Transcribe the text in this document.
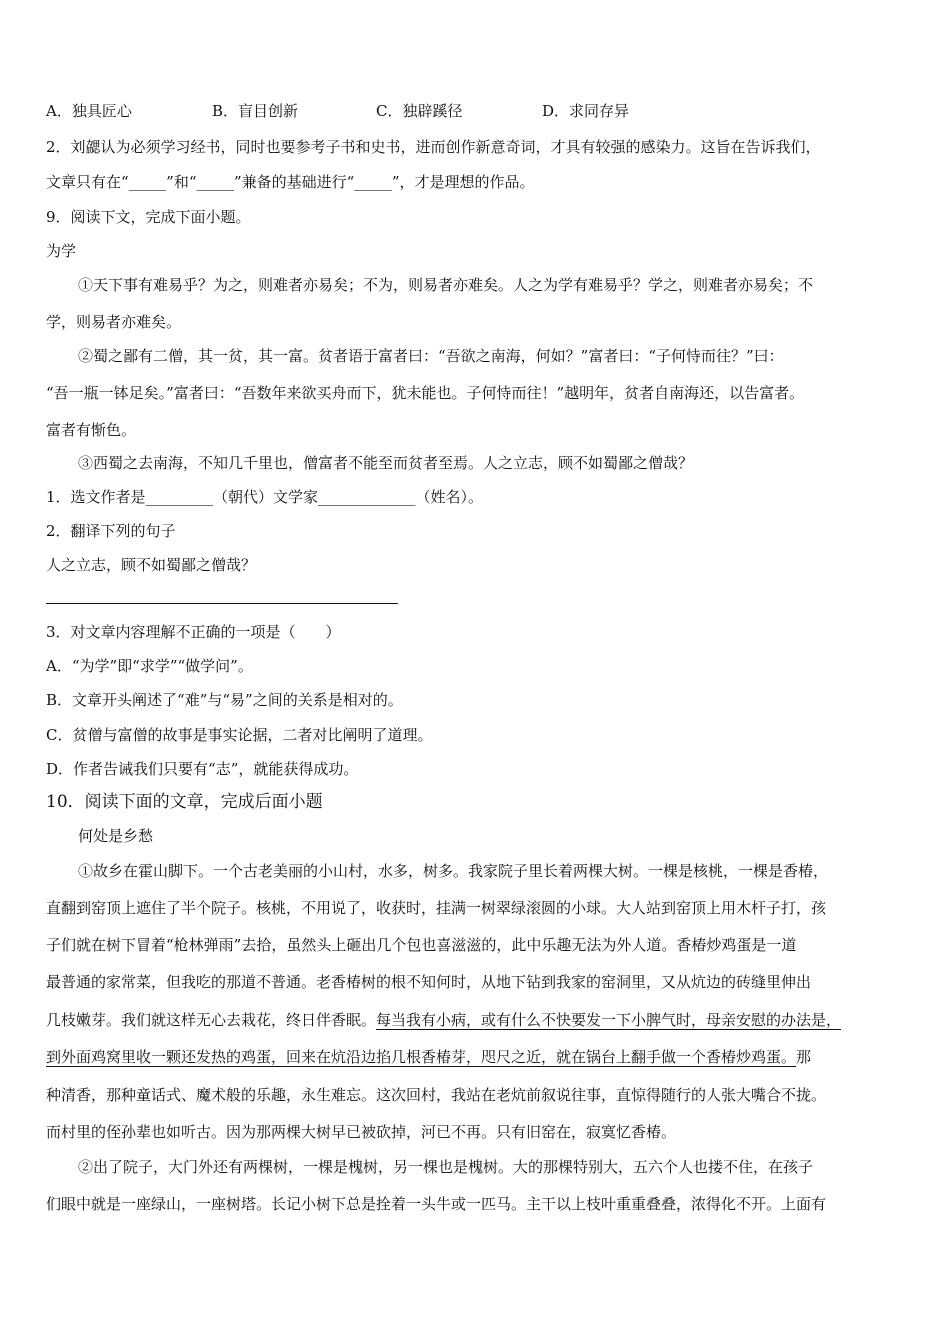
A．独具匠心	B．盲目创新	C．独辟蹊径	D．求同存异
2．刘勰认为必须学习经书，同时也要参考子书和史书，进而创作新意奇词，才具有较强的感染力。这旨在告诉我们，
文章只有在“_____”和“_____”兼备的基础进行“_____”，才是理想的作品。
9．阅读下文，完成下面小题。
为学
①天下事有难易乎？为之，则难者亦易矣；不为，则易者亦难矣。人之为学有难易乎？学之，则难者亦易矣；不
学，则易者亦难矣。
②蜀之鄙有二僧，其一贫，其一富。贫者语于富者曰：“吾欲之南海，何如？”富者曰：“子何恃而往？”曰：
“吾一瓶一钵足矣。”富者曰：“吾数年来欲买舟而下，犹未能也。子何恃而往！”越明年，贫者自南海还，以告富者。
富者有惭色。
③西蜀之去南海，不知几千里也，僧富者不能至而贫者至焉。人之立志，顾不如蜀鄙之僧哉？
1．选文作者是_________（朝代）文学家_____________（姓名）。
2．翻译下列的句子
人之立志，顾不如蜀鄙之僧哉？
3．对文章内容理解不正确的一项是（　　）
A．“为学”即“求学”“做学问”。
B．文章开头阐述了“难”与“易”之间的关系是相对的。
C．贫僧与富僧的故事是事实论据，二者对比阐明了道理。
D．作者告诫我们只要有“志”，就能获得成功。
10．阅读下面的文章，完成后面小题
何处是乡愁
①故乡在霍山脚下。一个古老美丽的小山村，水多，树多。我家院子里长着两棵大树。一棵是核桃，一棵是香椿，
直翻到窑顶上遮住了半个院子。核桃，不用说了，收获时，挂满一树翠绿滚圆的小球。大人站到窑顶上用木杆子打，孩
子们就在树下冒着“枪林弹雨”去拾，虽然头上砸出几个包也喜滋滋的，此中乐趣无法为外人道。香椿炒鸡蛋是一道
最普通的家常菜，但我吃的那道不普通。老香椿树的根不知何时，从地下钻到我家的窑洞里，又从炕边的砖缝里伸出
几枝嫩芽。我们就这样无心去栽花，终日伴香眠。每当我有小病，或有什么不快要发一下小脾气时，母亲安慰的办法是，
到外面鸡窝里收一颗还发热的鸡蛋，回来在炕沿边掐几根香椿芽，咫尺之近，就在锅台上翻手做一个香椿炒鸡蛋。那
种清香，那种童话式、魔术般的乐趣，永生难忘。这次回村，我站在老炕前叙说往事，直惊得随行的人张大嘴合不拢。
而村里的侄孙辈也如听古。因为那两棵大树早已被砍掉，河已不再。只有旧窑在，寂寞忆香椿。
②出了院子，大门外还有两棵树，一棵是槐树，另一棵也是槐树。大的那棵特别大，五六个人也搂不住，在孩子
们眼中就是一座绿山，一座树塔。长记小树下总是拴着一头牛或一匹马。主干以上枝叶重重叠叠，浓得化不开。上面有
